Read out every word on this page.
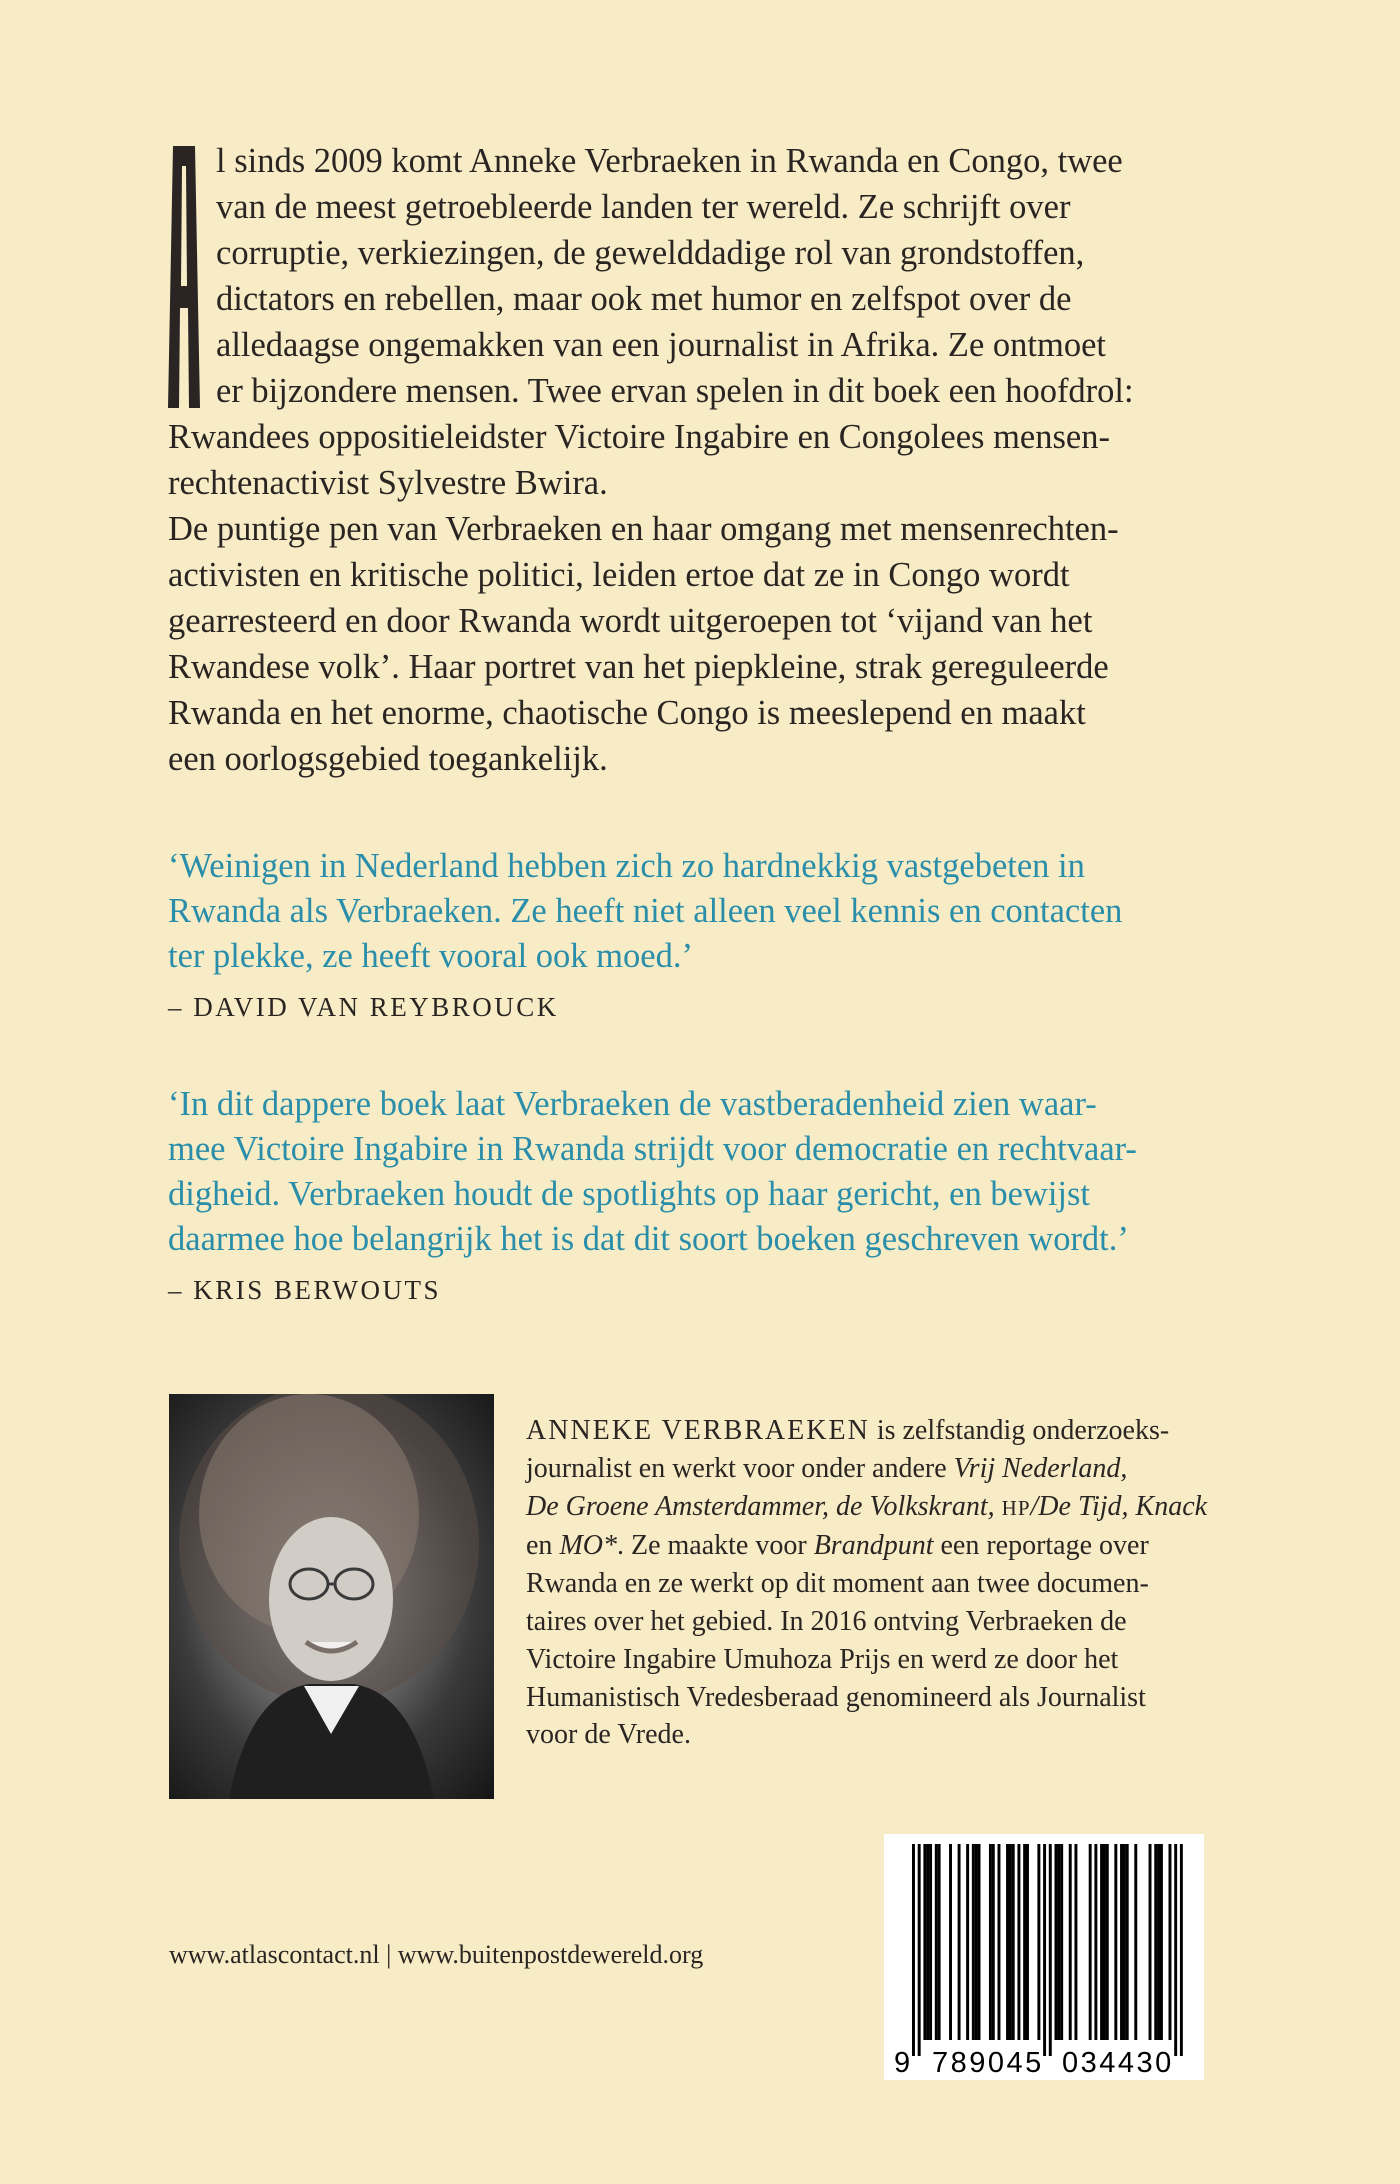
l sinds 2009 komt Anneke Verbraeken in Rwanda en Congo, twee
van de meest getroebleerde landen ter wereld. Ze schrijft over
corruptie, verkiezingen, de gewelddadige rol van grondstoffen,
dictators en rebellen, maar ook met humor en zelfspot over de
alledaagse ongemakken van een journalist in Afrika. Ze ontmoet
er bijzondere mensen. Twee ervan spelen in dit boek een hoofdrol:
Rwandees oppositieleidster Victoire Ingabire en Congolees mensen-
rechtenactivist Sylvestre Bwira.
De puntige pen van Verbraeken en haar omgang met mensenrechten-
activisten en kritische politici, leiden ertoe dat ze in Congo wordt
gearresteerd en door Rwanda wordt uitgeroepen tot ‘vijand van het
Rwandese volk’. Haar portret van het piepkleine, strak gereguleerde
Rwanda en het enorme, chaotische Congo is meeslepend en maakt
een oorlogsgebied toegankelijk.

‘Weinigen in Nederland hebben zich zo hardnekkig vastgebeten in
Rwanda als Verbraeken. Ze heeft niet alleen veel kennis en contacten
ter plekke, ze heeft vooral ook moed.’

– DAVID VAN REYBROUCK

‘In dit dappere boek laat Verbraeken de vastberadenheid zien waar-
mee Victoire Ingabire in Rwanda strijdt voor democratie en rechtvaar-
digheid. Verbraeken houdt de spotlights op haar gericht, en bewijst
daarmee hoe belangrijk het is dat dit soort boeken geschreven wordt.’

– KRIS BERWOUTS
ANNEKE VERBRAEKEN is zelfstandig onderzoeks-
journalist en werkt voor onder andere Vrij Nederland,
De Groene Amsterdammer, de Volkskrant, HP/De Tijd, Knack
en MO*. Ze maakte voor Brandpunt een reportage over
Rwanda en ze werkt op dit moment aan twee documen-
taires over het gebied. In 2016 ontving Verbraeken de
Victoire Ingabire Umuhoza Prijs en werd ze door het
Humanistisch Vredesberaad genomineerd als Journalist
voor de Vrede.
www.atlascontact.nl | www.buitenpostdewereld.org
9 789045 034430
